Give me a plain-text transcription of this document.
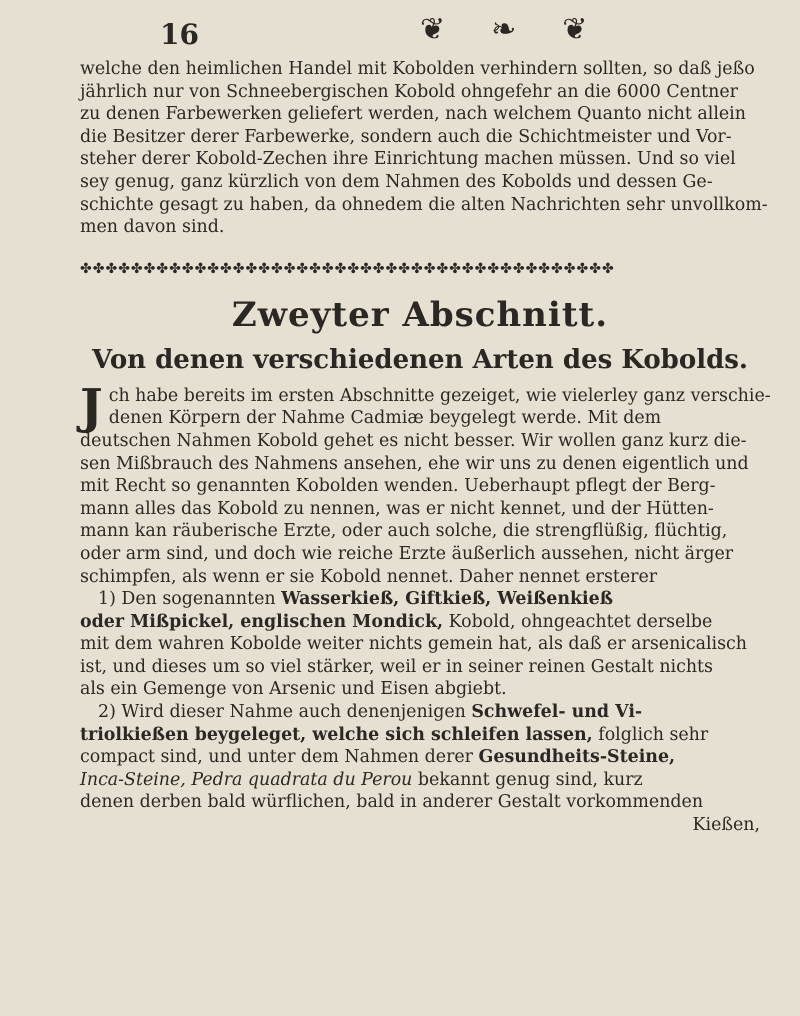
16	❦ ❧ ❦
welche den heimlichen Handel mit Kobolden verhindern sollten, so daß jeßo
jährlich nur von Schneebergischen Kobold ohngefehr an die 6000 Centner
zu denen Farbewerken geliefert werden, nach welchem Quanto nicht allein
die Besitzer derer Farbewerke, sondern auch die Schichtmeister und Vor-
steher derer Kobold-Zechen ihre Einrichtung machen müssen. Und so viel
sey genug, ganz kürzlich von dem Nahmen des Kobolds und dessen Ge-
schichte gesagt zu haben, da ohnedem die alten Nachrichten sehr unvollkom-
men davon sind.
✤✤✤✤✤✤✤✤✤✤✤✤✤✤✤✤✤✤✤✤✤✤✤✤✤✤✤✤✤✤✤✤✤✤✤✤✤✤✤✤✤✤
Zweyter Abschnitt.
Von denen verschiedenen Arten des Kobolds.
J ch habe bereits im ersten Abschnitte gezeiget, wie vielerley ganz verschie-
denen Körpern der Nahme Cadmiæ beygelegt werde. Mit dem
deutschen Nahmen Kobold gehet es nicht besser. Wir wollen ganz kurz die-
sen Mißbrauch des Nahmens ansehen, ehe wir uns zu denen eigentlich und
mit Recht so genannten Kobolden wenden. Ueberhaupt pflegt der Berg-
mann alles das Kobold zu nennen, was er nicht kennet, und der Hütten-
mann kan räuberische Erzte, oder auch solche, die strengflüßig, flüchtig,
oder arm sind, und doch wie reiche Erzte äußerlich aussehen, nicht ärger
schimpfen, als wenn er sie Kobold nennet. Daher nennet ersterer
1) Den sogenannten Wasserkieß, Giftkieß, Weißenkieß
oder Mißpickel, englischen Mondick, Kobold, ohngeachtet derselbe
mit dem wahren Kobolde weiter nichts gemein hat, als daß er arsenicalisch
ist, und dieses um so viel stärker, weil er in seiner reinen Gestalt nichts
als ein Gemenge von Arsenic und Eisen abgiebt.
2) Wird dieser Nahme auch denenjenigen Schwefel- und Vi-
triolkießen beygeleget, welche sich schleifen lassen, folglich sehr
compact sind, und unter dem Nahmen derer Gesundheits-Steine,
Inca-Steine, Pedra quadrata du Perou bekannt genug sind, kurz
denen derben bald würflichen, bald in anderer Gestalt vorkommenden
Kießen,
